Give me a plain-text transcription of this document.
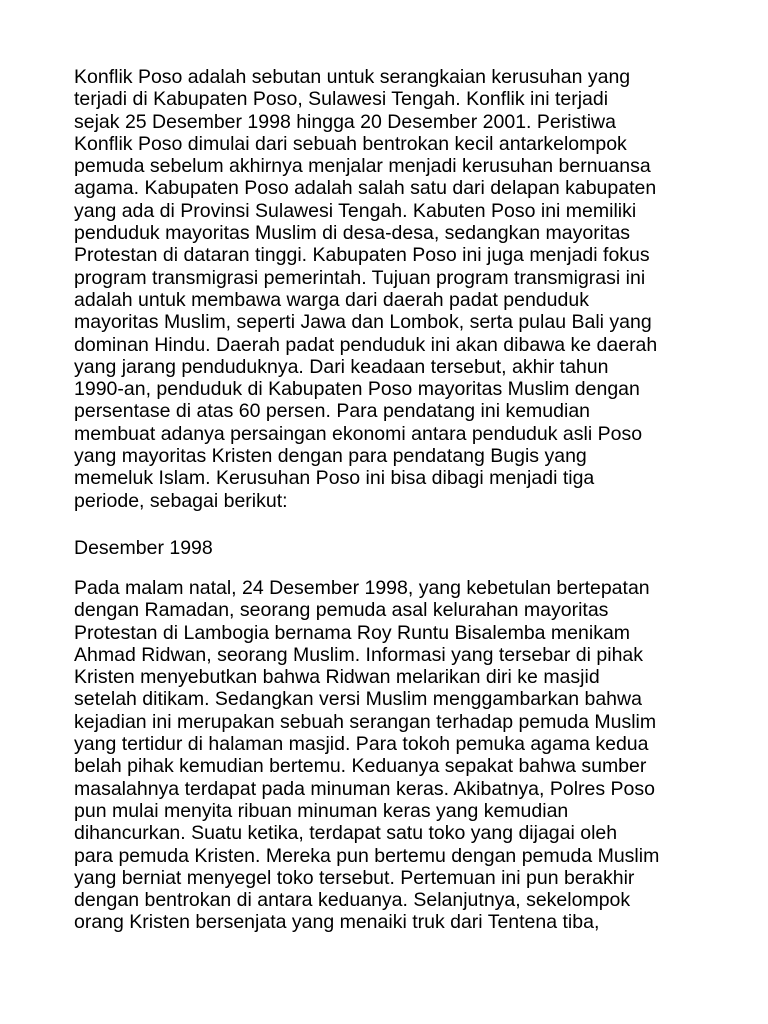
Konflik Poso adalah sebutan untuk serangkaian kerusuhan yang
terjadi di Kabupaten Poso, Sulawesi Tengah. Konflik ini terjadi
sejak 25 Desember 1998 hingga 20 Desember 2001. Peristiwa
Konflik Poso dimulai dari sebuah bentrokan kecil antarkelompok
pemuda sebelum akhirnya menjalar menjadi kerusuhan bernuansa
agama. Kabupaten Poso adalah salah satu dari delapan kabupaten
yang ada di Provinsi Sulawesi Tengah. Kabuten Poso ini memiliki
penduduk mayoritas Muslim di desa-desa, sedangkan mayoritas
Protestan di dataran tinggi. Kabupaten Poso ini juga menjadi fokus
program transmigrasi pemerintah. Tujuan program transmigrasi ini
adalah untuk membawa warga dari daerah padat penduduk
mayoritas Muslim, seperti Jawa dan Lombok, serta pulau Bali yang
dominan Hindu. Daerah padat penduduk ini akan dibawa ke daerah
yang jarang penduduknya. Dari keadaan tersebut, akhir tahun
1990-an, penduduk di Kabupaten Poso mayoritas Muslim dengan
persentase di atas 60 persen. Para pendatang ini kemudian
membuat adanya persaingan ekonomi antara penduduk asli Poso
yang mayoritas Kristen dengan para pendatang Bugis yang
memeluk Islam. Kerusuhan Poso ini bisa dibagi menjadi tiga
periode, sebagai berikut:

Desember 1998

Pada malam natal, 24 Desember 1998, yang kebetulan bertepatan
dengan Ramadan, seorang pemuda asal kelurahan mayoritas
Protestan di Lambogia bernama Roy Runtu Bisalemba menikam
Ahmad Ridwan, seorang Muslim. Informasi yang tersebar di pihak
Kristen menyebutkan bahwa Ridwan melarikan diri ke masjid
setelah ditikam. Sedangkan versi Muslim menggambarkan bahwa
kejadian ini merupakan sebuah serangan terhadap pemuda Muslim
yang tertidur di halaman masjid. Para tokoh pemuka agama kedua
belah pihak kemudian bertemu. Keduanya sepakat bahwa sumber
masalahnya terdapat pada minuman keras. Akibatnya, Polres Poso
pun mulai menyita ribuan minuman keras yang kemudian
dihancurkan. Suatu ketika, terdapat satu toko yang dijagai oleh
para pemuda Kristen. Mereka pun bertemu dengan pemuda Muslim
yang berniat menyegel toko tersebut. Pertemuan ini pun berakhir
dengan bentrokan di antara keduanya. Selanjutnya, sekelompok
orang Kristen bersenjata yang menaiki truk dari Tentena tiba,
